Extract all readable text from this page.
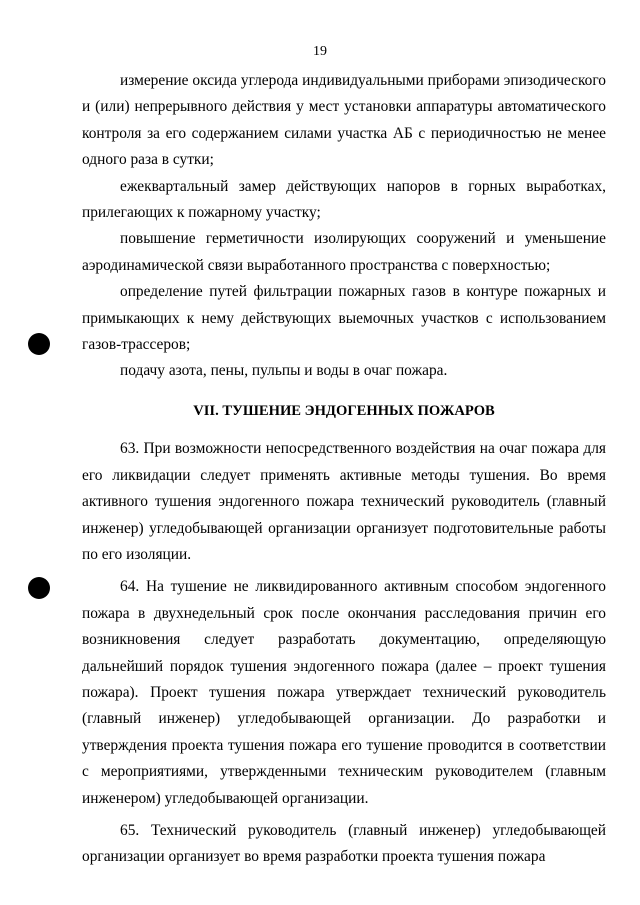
19

измерение оксида углерода индивидуальными приборами эпизодического и (или) непрерывного действия у мест установки аппаратуры автоматического контроля за его содержанием силами участка АБ с периодичностью не менее одного раза в сутки;

ежеквартальный замер действующих напоров в горных выработках, прилегающих к пожарному участку;

повышение герметичности изолирующих сооружений и уменьшение аэродинамической связи выработанного пространства с поверхностью;

определение путей фильтрации пожарных газов в контуре пожарных и примыкающих к нему действующих выемочных участков с использованием газов-трассеров;

подачу азота, пены, пульпы и воды в очаг пожара.

VII. ТУШЕНИЕ ЭНДОГЕННЫХ ПОЖАРОВ

63. При возможности непосредственного воздействия на очаг пожара для его ликвидации следует применять активные методы тушения. Во время активного тушения эндогенного пожара технический руководитель (главный инженер) угледобывающей организации организует подготовительные работы по его изоляции.

64. На тушение не ликвидированного активным способом эндогенного пожара в двухнедельный срок после окончания расследования причин его возникновения следует разработать документацию, определяющую дальнейший порядок тушения эндогенного пожара (далее – проект тушения пожара). Проект тушения пожара утверждает технический руководитель (главный инженер) угледобывающей организации. До разработки и утверждения проекта тушения пожара его тушение проводится в соответствии с мероприятиями, утвержденными техническим руководителем (главным инженером) угледобывающей организации.

65. Технический руководитель (главный инженер) угледобывающей организации организует во время разработки проекта тушения пожара
